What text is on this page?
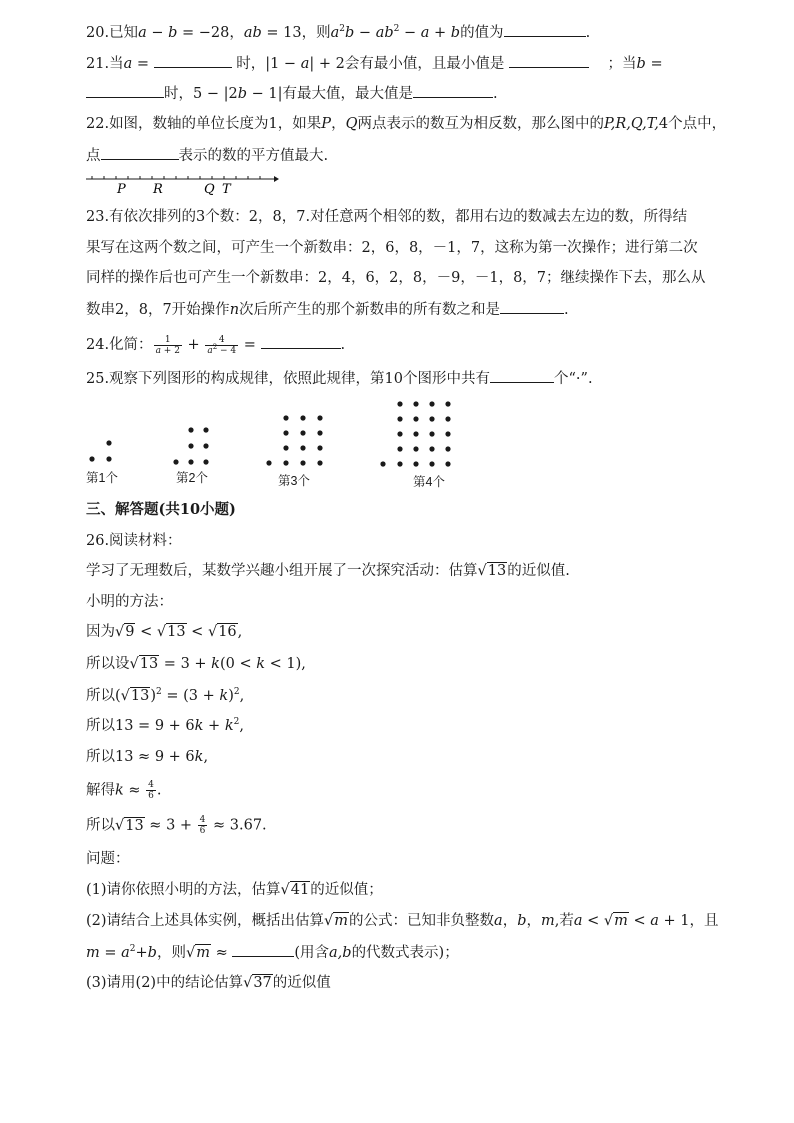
20.已知a − b = −28，ab = 13，则$a^2b - ab^2 - a + b$的值为	.
21.当a =	时，|1 − a| + 2会有最小值，且最小值是	；当b =
时，5 − |2b − 1|有最大值，最大值是	.
22.如图，数轴的单位长度为1，如果P，Q两点表示的数互为相反数，那么图中的P,R,Q,T,4个点中，
点	表示的数的平方值最大.
P R	Q T
23.有依次排列的3个数：2，8，7.对任意两个相邻的数，都用右边的数减去左边的数，所得结
果写在这两个数之间，可产生一个新数串：2，6，8，－1，7，这称为第一次操作；进行第二次
同样的操作后也可产生一个新数串：2，4，6，2，8，－9，－1，8，7；继续操作下去，那么从
数串2，8，7开始操作n次后所产生的那个新数串的所有数之和是	.
24.化简： $\frac{1}{a + 2} + \frac{4}{a^2 - 4}$ =	.
25.观察下列图形的构成规律，依照此规律，第10个图形中共有	个“·”.
第1个	第2个	第3个	第4个
三、解答题(共10小题)
26.阅读材料：
学习了无理数后，某数学兴趣小组开展了一次探究活动：估算√13的近似值.
小明的方法：
因为√9 < √13 < √16,
所以设√13 = 3 + k(0 < k < 1),
所以$(√13)^2 = (3 + k)^2$,
所以$13 = 9 + 6k + k^2$,
所以13 ≈ 9 + 6k,
解得$k \approx \frac{4}{6}$ .
所以$√13 \approx 3 + \frac{4}{6} \approx 3.67$.
问题：
(1)请你依照小明的方法，估算√41的近似值；
(2)请结合上述具体实例，概括出估算√m的公式：已知非负整数a，b，m,若a < √m < a + 1，且
$m = a^2+b$，则√m ≈	(用含a,b的代数式表示)；
(3)请用(2)中的结论估算√37的近似值
